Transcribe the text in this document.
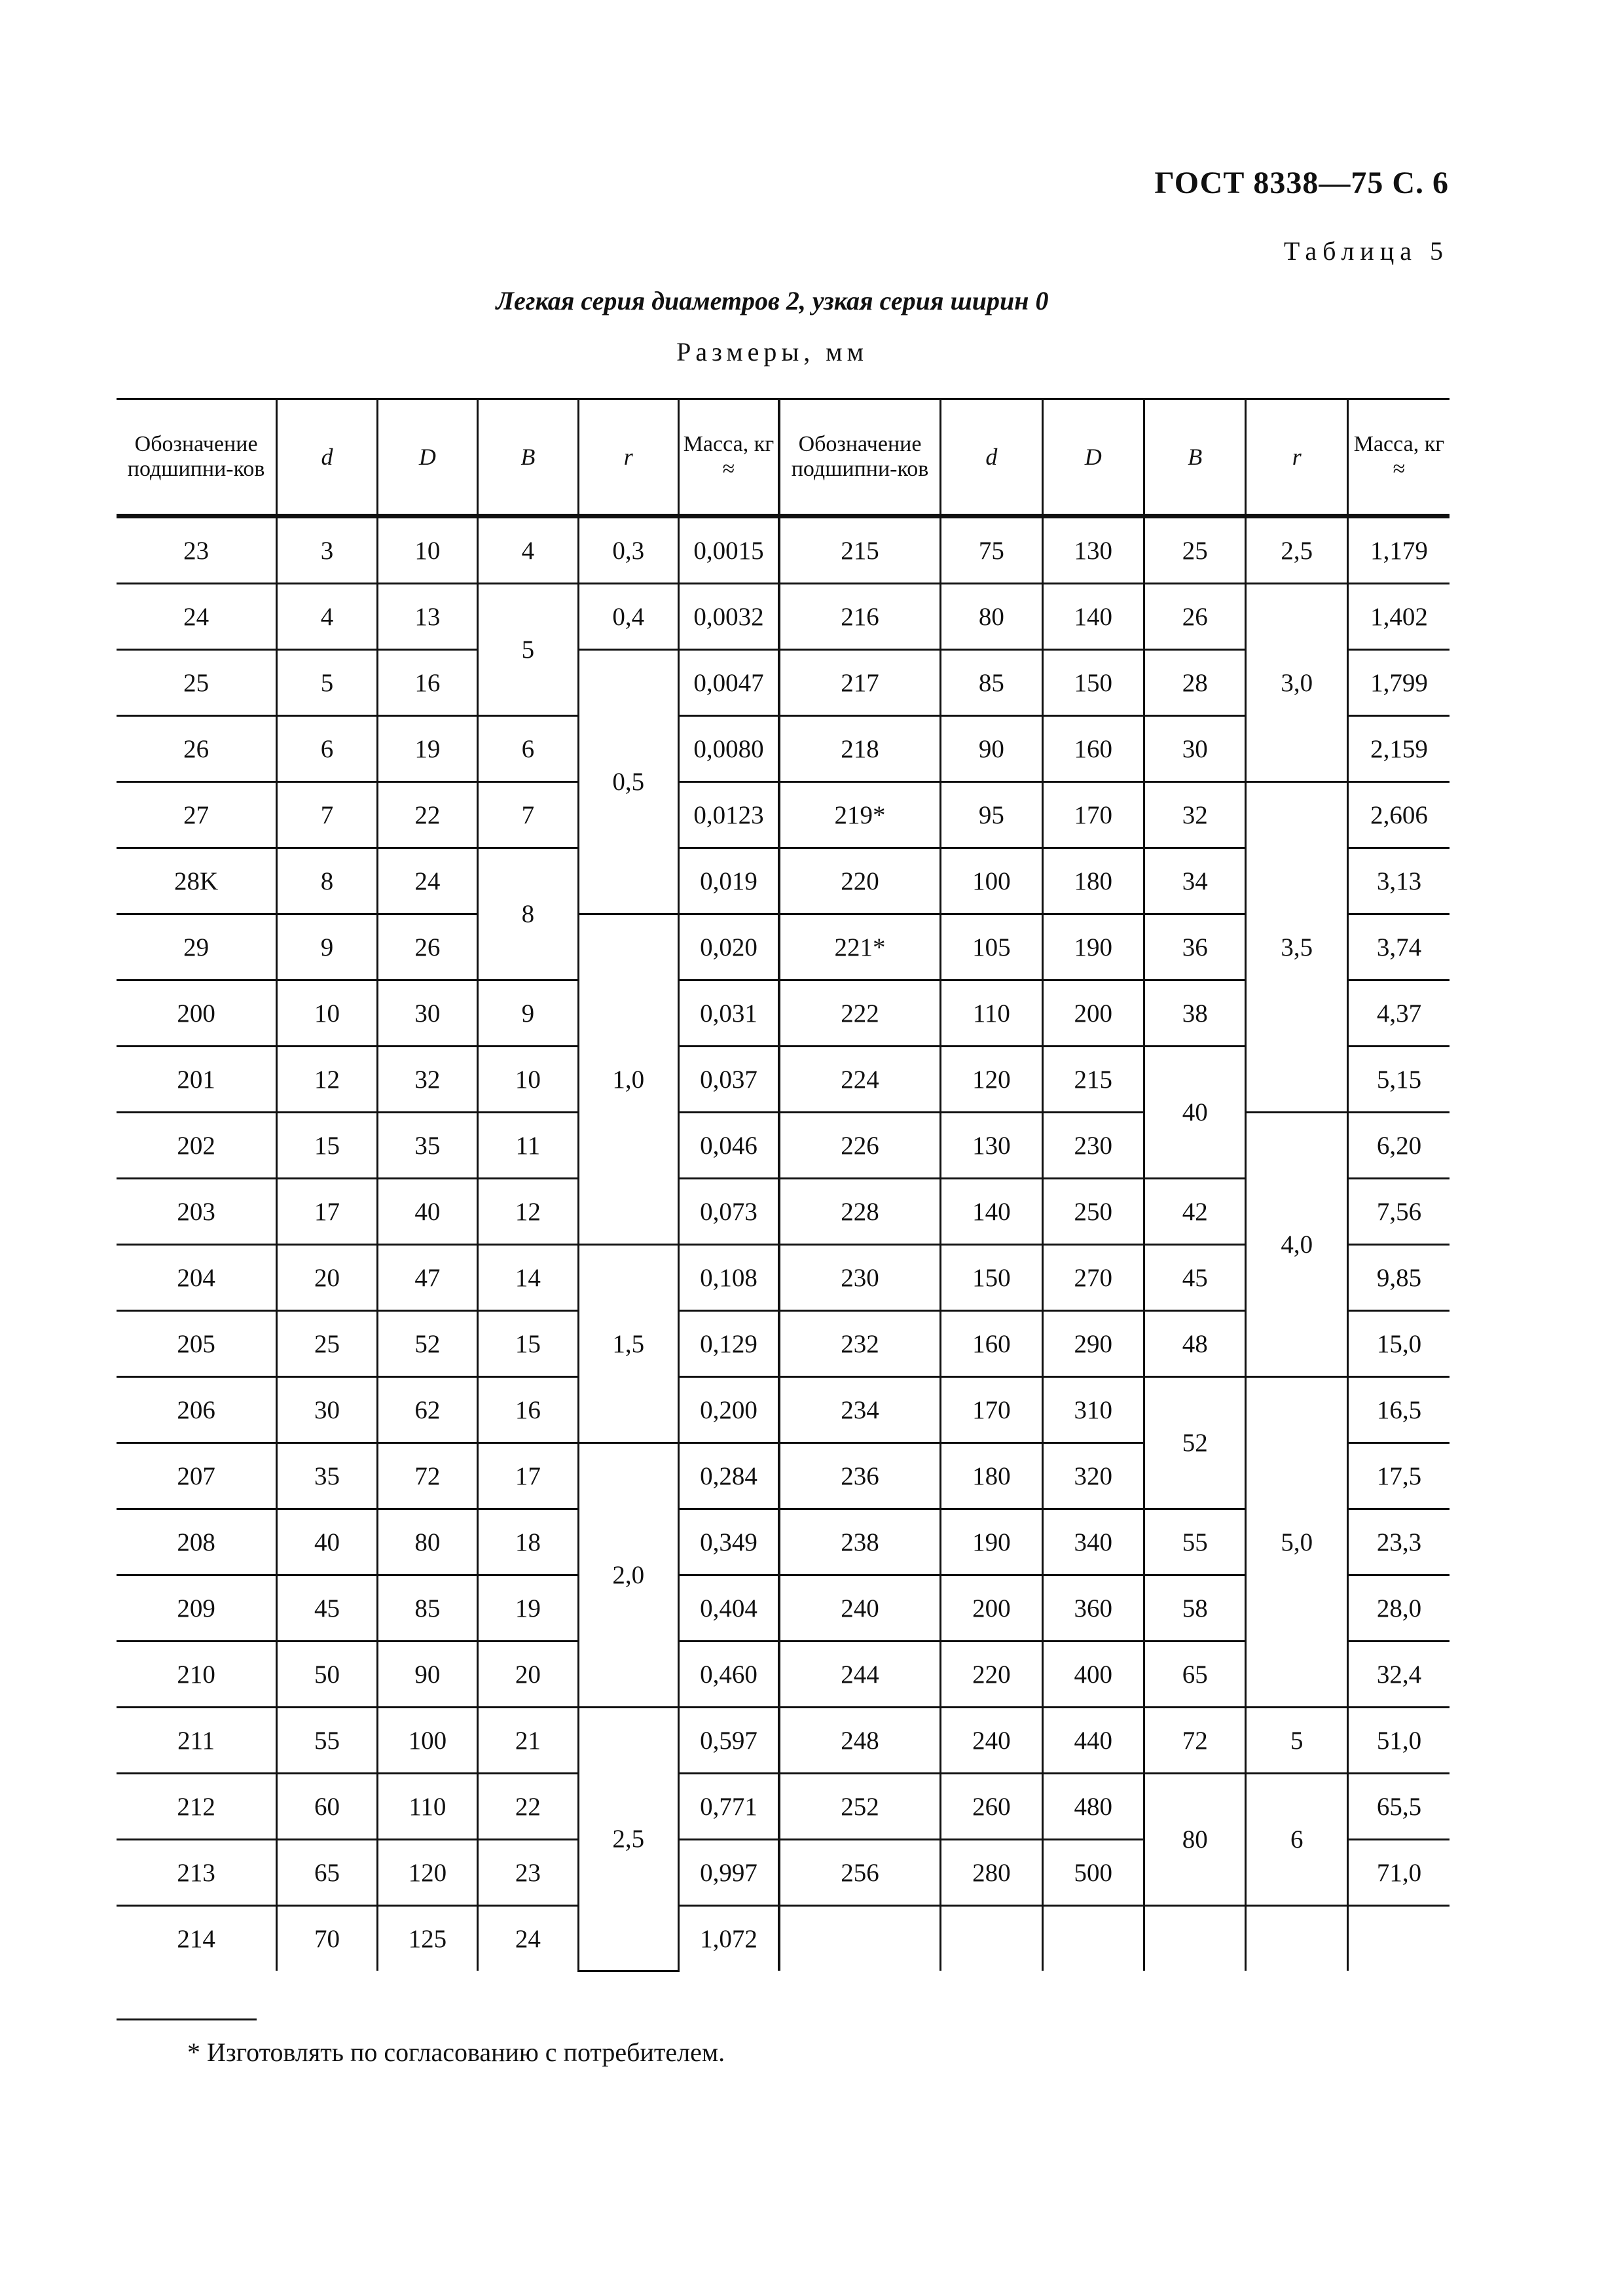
ГОСТ 8338—75 С. 6
Таблица 5
Легкая серия диаметров 2, узкая серия ширин 0
Размеры, мм
Обозначение подшипни-ков	d	D	B	r	Масса, кг ≈	Обозначение подшипни-ков	d	D	B	r	Масса, кг ≈
23	3	10	4	0,3	0,0015	215	75	130	25	2,5	1,179
24	4	13	5	0,4	0,0032	216	80	140	26	3,0	1,402
25	5	16		0,5	0,0047	217	85	150	28		1,799
26	6	19	6		0,0080	218	90	160	30		2,159
27	7	22	7		0,0123	219*	95	170	32	3,5	2,606
28K	8	24	8		0,019	220	100	180	34		3,13
29	9	26		1,0	0,020	221*	105	190	36		3,74
200	10	30	9		0,031	222	110	200	38		4,37
201	12	32	10		0,037	224	120	215	40		5,15
202	15	35	11		0,046	226	130	230		4,0	6,20
203	17	40	12		0,073	228	140	250	42		7,56
204	20	47	14	1,5	0,108	230	150	270	45		9,85
205	25	52	15		0,129	232	160	290	48		15,0
206	30	62	16		0,200	234	170	310	52	5,0	16,5
207	35	72	17	2,0	0,284	236	180	320			17,5
208	40	80	18		0,349	238	190	340	55		23,3
209	45	85	19		0,404	240	200	360	58		28,0
210	50	90	20		0,460	244	220	400	65		32,4
211	55	100	21	2,5	0,597	248	240	440	72	5	51,0
212	60	110	22		0,771	252	260	480	80	6	65,5
213	65	120	23		0,997	256	280	500			71,0
214	70	125	24		1,072						
* Изготовлять по согласованию с потребителем.
